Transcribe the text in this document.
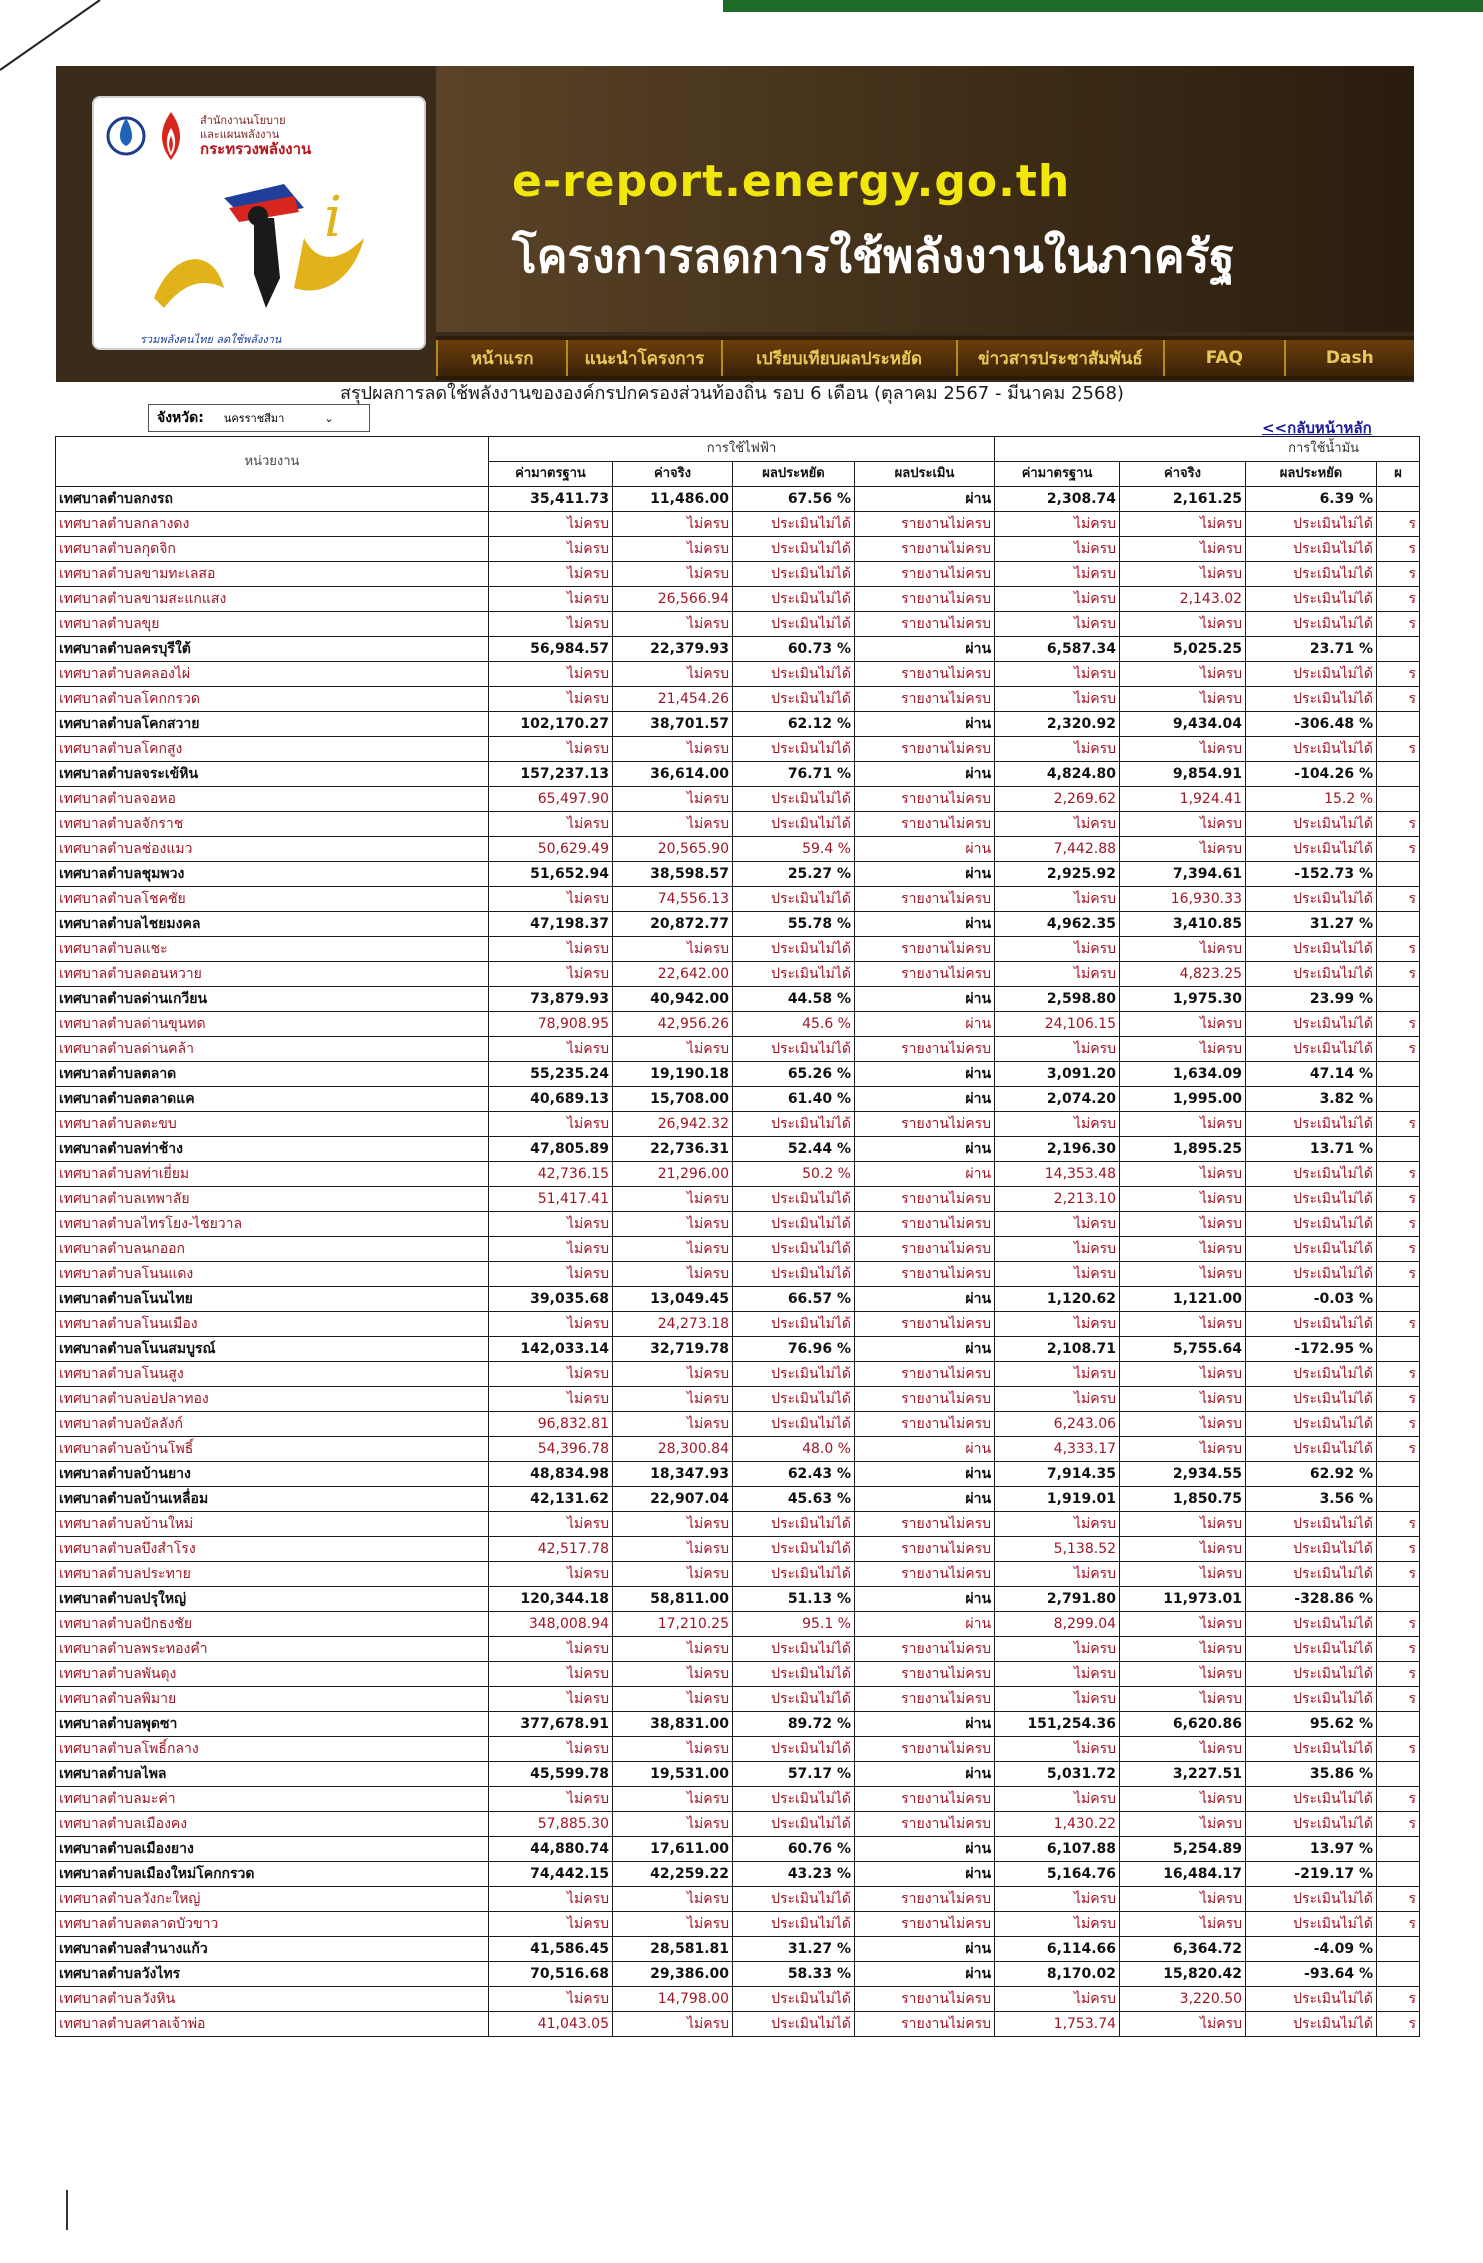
สำนักงานนโยบาย
และแผนพลังงาน
กระทรวงพลังงาน
i
รวมพลังคนไทย ลดใช้พลังงาน
e-report.energy.go.th
โครงการลดการใช้พลังงานในภาครัฐ
หน้าแรก	แนะนำโครงการ	เปรียบเทียบผลประหยัด	ข่าวสารประชาสัมพันธ์	FAQ	Dash
สรุปผลการลดใช้พลังงานขององค์กรปกครองส่วนท้องถิ่น รอบ 6 เดือน (ตุลาคม 2567 - มีนาคม 2568)
จังหวัด: นครราชสีมา	⌄
<<กลับหน้าหลัก
หน่วยงาน	การใช้ไฟฟ้า				การใช้น้ำมัน			
	ค่ามาตรฐาน	ค่าจริง	ผลประหยัด	ผลประเมิน	ค่ามาตรฐาน	ค่าจริง	ผลประหยัด	ผ
เทศบาลตำบลกงรถ	35,411.73	11,486.00	67.56 %	ผ่าน	2,308.74	2,161.25	6.39 %	
เทศบาลตำบลกลางดง	ไม่ครบ	ไม่ครบ	ประเมินไม่ได้	รายงานไม่ครบ	ไม่ครบ	ไม่ครบ	ประเมินไม่ได้	ร
เทศบาลตำบลกุดจิก	ไม่ครบ	ไม่ครบ	ประเมินไม่ได้	รายงานไม่ครบ	ไม่ครบ	ไม่ครบ	ประเมินไม่ได้	ร
เทศบาลตำบลขามทะเลสอ	ไม่ครบ	ไม่ครบ	ประเมินไม่ได้	รายงานไม่ครบ	ไม่ครบ	ไม่ครบ	ประเมินไม่ได้	ร
เทศบาลตำบลขามสะแกแสง	ไม่ครบ	26,566.94	ประเมินไม่ได้	รายงานไม่ครบ	ไม่ครบ	2,143.02	ประเมินไม่ได้	ร
เทศบาลตำบลขุย	ไม่ครบ	ไม่ครบ	ประเมินไม่ได้	รายงานไม่ครบ	ไม่ครบ	ไม่ครบ	ประเมินไม่ได้	ร
เทศบาลตำบลครบุรีใต้	56,984.57	22,379.93	60.73 %	ผ่าน	6,587.34	5,025.25	23.71 %	
เทศบาลตำบลคลองไผ่	ไม่ครบ	ไม่ครบ	ประเมินไม่ได้	รายงานไม่ครบ	ไม่ครบ	ไม่ครบ	ประเมินไม่ได้	ร
เทศบาลตำบลโคกกรวด	ไม่ครบ	21,454.26	ประเมินไม่ได้	รายงานไม่ครบ	ไม่ครบ	ไม่ครบ	ประเมินไม่ได้	ร
เทศบาลตำบลโคกสวาย	102,170.27	38,701.57	62.12 %	ผ่าน	2,320.92	9,434.04	-306.48 %	
เทศบาลตำบลโคกสูง	ไม่ครบ	ไม่ครบ	ประเมินไม่ได้	รายงานไม่ครบ	ไม่ครบ	ไม่ครบ	ประเมินไม่ได้	ร
เทศบาลตำบลจระเข้หิน	157,237.13	36,614.00	76.71 %	ผ่าน	4,824.80	9,854.91	-104.26 %	
เทศบาลตำบลจอหอ	65,497.90	ไม่ครบ	ประเมินไม่ได้	รายงานไม่ครบ	2,269.62	1,924.41	15.2 %	
เทศบาลตำบลจักราช	ไม่ครบ	ไม่ครบ	ประเมินไม่ได้	รายงานไม่ครบ	ไม่ครบ	ไม่ครบ	ประเมินไม่ได้	ร
เทศบาลตำบลช่องแมว	50,629.49	20,565.90	59.4 %	ผ่าน	7,442.88	ไม่ครบ	ประเมินไม่ได้	ร
เทศบาลตำบลชุมพวง	51,652.94	38,598.57	25.27 %	ผ่าน	2,925.92	7,394.61	-152.73 %	
เทศบาลตำบลโชคชัย	ไม่ครบ	74,556.13	ประเมินไม่ได้	รายงานไม่ครบ	ไม่ครบ	16,930.33	ประเมินไม่ได้	ร
เทศบาลตำบลไชยมงคล	47,198.37	20,872.77	55.78 %	ผ่าน	4,962.35	3,410.85	31.27 %	
เทศบาลตำบลแชะ	ไม่ครบ	ไม่ครบ	ประเมินไม่ได้	รายงานไม่ครบ	ไม่ครบ	ไม่ครบ	ประเมินไม่ได้	ร
เทศบาลตำบลดอนหวาย	ไม่ครบ	22,642.00	ประเมินไม่ได้	รายงานไม่ครบ	ไม่ครบ	4,823.25	ประเมินไม่ได้	ร
เทศบาลตำบลด่านเกวียน	73,879.93	40,942.00	44.58 %	ผ่าน	2,598.80	1,975.30	23.99 %	
เทศบาลตำบลด่านขุนทด	78,908.95	42,956.26	45.6 %	ผ่าน	24,106.15	ไม่ครบ	ประเมินไม่ได้	ร
เทศบาลตำบลด่านคล้า	ไม่ครบ	ไม่ครบ	ประเมินไม่ได้	รายงานไม่ครบ	ไม่ครบ	ไม่ครบ	ประเมินไม่ได้	ร
เทศบาลตำบลตลาด	55,235.24	19,190.18	65.26 %	ผ่าน	3,091.20	1,634.09	47.14 %	
เทศบาลตำบลตลาดแค	40,689.13	15,708.00	61.40 %	ผ่าน	2,074.20	1,995.00	3.82 %	
เทศบาลตำบลตะขบ	ไม่ครบ	26,942.32	ประเมินไม่ได้	รายงานไม่ครบ	ไม่ครบ	ไม่ครบ	ประเมินไม่ได้	ร
เทศบาลตำบลท่าช้าง	47,805.89	22,736.31	52.44 %	ผ่าน	2,196.30	1,895.25	13.71 %	
เทศบาลตำบลท่าเยี่ยม	42,736.15	21,296.00	50.2 %	ผ่าน	14,353.48	ไม่ครบ	ประเมินไม่ได้	ร
เทศบาลตำบลเทพาลัย	51,417.41	ไม่ครบ	ประเมินไม่ได้	รายงานไม่ครบ	2,213.10	ไม่ครบ	ประเมินไม่ได้	ร
เทศบาลตำบลไทรโยง-ไชยวาล	ไม่ครบ	ไม่ครบ	ประเมินไม่ได้	รายงานไม่ครบ	ไม่ครบ	ไม่ครบ	ประเมินไม่ได้	ร
เทศบาลตำบลนกออก	ไม่ครบ	ไม่ครบ	ประเมินไม่ได้	รายงานไม่ครบ	ไม่ครบ	ไม่ครบ	ประเมินไม่ได้	ร
เทศบาลตำบลโนนแดง	ไม่ครบ	ไม่ครบ	ประเมินไม่ได้	รายงานไม่ครบ	ไม่ครบ	ไม่ครบ	ประเมินไม่ได้	ร
เทศบาลตำบลโนนไทย	39,035.68	13,049.45	66.57 %	ผ่าน	1,120.62	1,121.00	-0.03 %	
เทศบาลตำบลโนนเมือง	ไม่ครบ	24,273.18	ประเมินไม่ได้	รายงานไม่ครบ	ไม่ครบ	ไม่ครบ	ประเมินไม่ได้	ร
เทศบาลตำบลโนนสมบูรณ์	142,033.14	32,719.78	76.96 %	ผ่าน	2,108.71	5,755.64	-172.95 %	
เทศบาลตำบลโนนสูง	ไม่ครบ	ไม่ครบ	ประเมินไม่ได้	รายงานไม่ครบ	ไม่ครบ	ไม่ครบ	ประเมินไม่ได้	ร
เทศบาลตำบลบ่อปลาทอง	ไม่ครบ	ไม่ครบ	ประเมินไม่ได้	รายงานไม่ครบ	ไม่ครบ	ไม่ครบ	ประเมินไม่ได้	ร
เทศบาลตำบลบัลลังก์	96,832.81	ไม่ครบ	ประเมินไม่ได้	รายงานไม่ครบ	6,243.06	ไม่ครบ	ประเมินไม่ได้	ร
เทศบาลตำบลบ้านโพธิ์	54,396.78	28,300.84	48.0 %	ผ่าน	4,333.17	ไม่ครบ	ประเมินไม่ได้	ร
เทศบาลตำบลบ้านยาง	48,834.98	18,347.93	62.43 %	ผ่าน	7,914.35	2,934.55	62.92 %	
เทศบาลตำบลบ้านเหลื่อม	42,131.62	22,907.04	45.63 %	ผ่าน	1,919.01	1,850.75	3.56 %	
เทศบาลตำบลบ้านใหม่	ไม่ครบ	ไม่ครบ	ประเมินไม่ได้	รายงานไม่ครบ	ไม่ครบ	ไม่ครบ	ประเมินไม่ได้	ร
เทศบาลตำบลบึงสำโรง	42,517.78	ไม่ครบ	ประเมินไม่ได้	รายงานไม่ครบ	5,138.52	ไม่ครบ	ประเมินไม่ได้	ร
เทศบาลตำบลประทาย	ไม่ครบ	ไม่ครบ	ประเมินไม่ได้	รายงานไม่ครบ	ไม่ครบ	ไม่ครบ	ประเมินไม่ได้	ร
เทศบาลตำบลปรุใหญ่	120,344.18	58,811.00	51.13 %	ผ่าน	2,791.80	11,973.01	-328.86 %	
เทศบาลตำบลปักธงชัย	348,008.94	17,210.25	95.1 %	ผ่าน	8,299.04	ไม่ครบ	ประเมินไม่ได้	ร
เทศบาลตำบลพระทองคำ	ไม่ครบ	ไม่ครบ	ประเมินไม่ได้	รายงานไม่ครบ	ไม่ครบ	ไม่ครบ	ประเมินไม่ได้	ร
เทศบาลตำบลพันดุง	ไม่ครบ	ไม่ครบ	ประเมินไม่ได้	รายงานไม่ครบ	ไม่ครบ	ไม่ครบ	ประเมินไม่ได้	ร
เทศบาลตำบลพิมาย	ไม่ครบ	ไม่ครบ	ประเมินไม่ได้	รายงานไม่ครบ	ไม่ครบ	ไม่ครบ	ประเมินไม่ได้	ร
เทศบาลตำบลพุดซา	377,678.91	38,831.00	89.72 %	ผ่าน	151,254.36	6,620.86	95.62 %	
เทศบาลตำบลโพธิ์กลาง	ไม่ครบ	ไม่ครบ	ประเมินไม่ได้	รายงานไม่ครบ	ไม่ครบ	ไม่ครบ	ประเมินไม่ได้	ร
เทศบาลตำบลไพล	45,599.78	19,531.00	57.17 %	ผ่าน	5,031.72	3,227.51	35.86 %	
เทศบาลตำบลมะค่า	ไม่ครบ	ไม่ครบ	ประเมินไม่ได้	รายงานไม่ครบ	ไม่ครบ	ไม่ครบ	ประเมินไม่ได้	ร
เทศบาลตำบลเมืองคง	57,885.30	ไม่ครบ	ประเมินไม่ได้	รายงานไม่ครบ	1,430.22	ไม่ครบ	ประเมินไม่ได้	ร
เทศบาลตำบลเมืองยาง	44,880.74	17,611.00	60.76 %	ผ่าน	6,107.88	5,254.89	13.97 %	
เทศบาลตำบลเมืองใหม่โคกกรวด	74,442.15	42,259.22	43.23 %	ผ่าน	5,164.76	16,484.17	-219.17 %	
เทศบาลตำบลวังกะใหญ่	ไม่ครบ	ไม่ครบ	ประเมินไม่ได้	รายงานไม่ครบ	ไม่ครบ	ไม่ครบ	ประเมินไม่ได้	ร
เทศบาลตำบลตลาดบัวขาว	ไม่ครบ	ไม่ครบ	ประเมินไม่ได้	รายงานไม่ครบ	ไม่ครบ	ไม่ครบ	ประเมินไม่ได้	ร
เทศบาลตำบลสำนางแก้ว	41,586.45	28,581.81	31.27 %	ผ่าน	6,114.66	6,364.72	-4.09 %	
เทศบาลตำบลวังไทร	70,516.68	29,386.00	58.33 %	ผ่าน	8,170.02	15,820.42	-93.64 %	
เทศบาลตำบลวังหิน	ไม่ครบ	14,798.00	ประเมินไม่ได้	รายงานไม่ครบ	ไม่ครบ	3,220.50	ประเมินไม่ได้	ร
เทศบาลตำบลศาลเจ้าพ่อ	41,043.05	ไม่ครบ	ประเมินไม่ได้	รายงานไม่ครบ	1,753.74	ไม่ครบ	ประเมินไม่ได้	ร
